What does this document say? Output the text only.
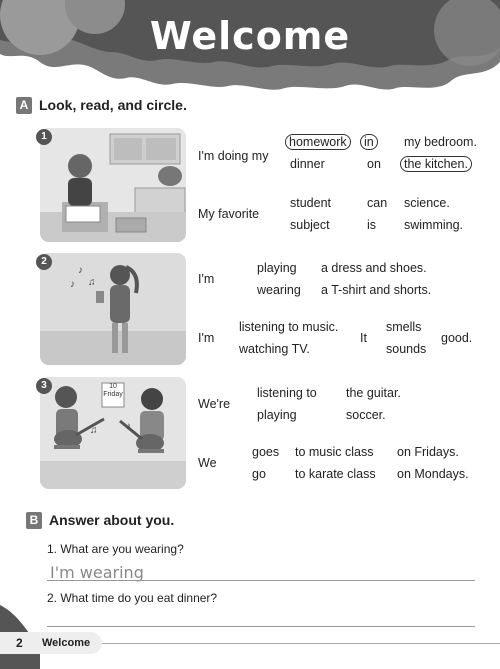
Welcome
A Look, read, and circle.
1
I'm doing my
homework
dinner
in
on
my bedroom.
the kitchen.
My favorite
student
subject
can
is
science.
swimming.
♪
♫
♪
2
I'm
playing
wearing
a dress and shoes.
a T-shirt and shorts.
I'm
listening to music.
watching TV.
It
smells
sounds
good.
♪
♫
10
Friday
3
We're
listening to
playing
the guitar.
soccer.
We
goes
go
to music class
to karate class
on Fridays.
on Mondays.
B Answer about you.
1. What are you wearing?
I'm wearing
2. What time do you eat dinner?
2 Welcome
